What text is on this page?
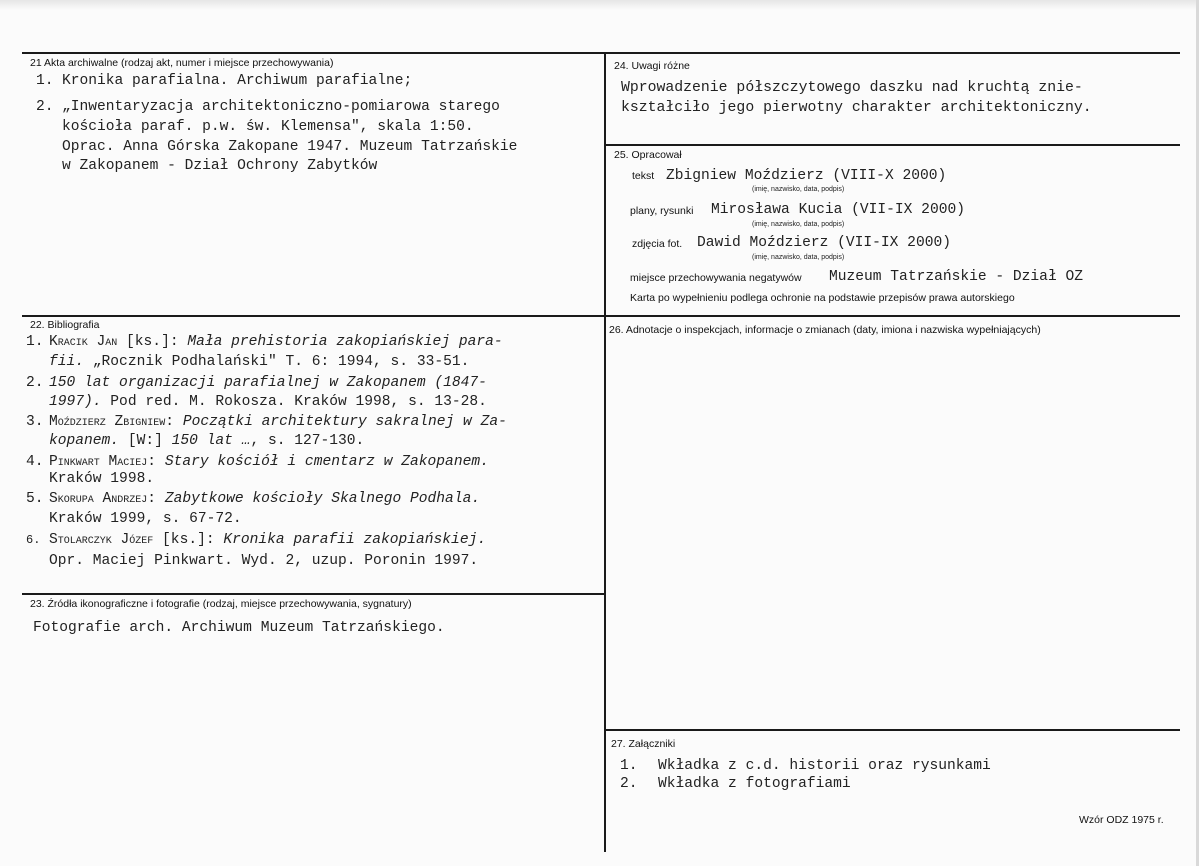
21 Akta archiwalne (rodzaj akt, numer i miejsce przechowywania)
1. Kronika parafialna. Archiwum parafialne;
2. „Inwentaryzacja architektoniczno-pomiarowa starego
kościoła paraf. p.w. św. Klemensa", skala 1:50.
Oprac. Anna Górska Zakopane 1947. Muzeum Tatrzańskie
w Zakopanem - Dział Ochrony Zabytków
24. Uwagi różne
Wprowadzenie półszczytowego daszku nad kruchtą znie-
kształciło jego pierwotny charakter architektoniczny.
25. Opracował
tekst Zbigniew Moździerz (VIII-X 2000)
(imię, nazwisko, data, podpis)
plany, rysunki Mirosława Kucia (VII-IX 2000)
(imię, nazwisko, data, podpis)
zdjęcia fot. Dawid Moździerz (VII-IX 2000)
(imię, nazwisko, data, podpis)
miejsce przechowywania negatywów Muzeum Tatrzańskie - Dział OZ
Karta po wypełnieniu podlega ochronie na podstawie przepisów prawa autorskiego
22. Bibliografia
1. Kracik Jan [ks.]: Mała prehistoria zakopiańskiej para-
fii. „Rocznik Podhalański" T. 6: 1994, s. 33-51.
2. 150 lat organizacji parafialnej w Zakopanem (1847-
1997). Pod red. M. Rokosza. Kraków 1998, s. 13-28.
3. Moździerz Zbigniew: Początki architektury sakralnej w Za-
kopanem. [W:] 150 lat …, s. 127-130.
4. Pinkwart Maciej: Stary kościół i cmentarz w Zakopanem.
Kraków 1998.
5. Skorupa Andrzej: Zabytkowe kościoły Skalnego Podhala.
Kraków 1999, s. 67-72.
6. Stolarczyk Józef [ks.]: Kronika parafii zakopiańskiej.
Opr. Maciej Pinkwart. Wyd. 2, uzup. Poronin 1997.
23. Źródła ikonograficzne i fotografie (rodzaj, miejsce przechowywania, sygnatury)
Fotografie arch. Archiwum Muzeum Tatrzańskiego.
26. Adnotacje o inspekcjach, informacje o zmianach (daty, imiona i nazwiska wypełniających)
27. Załączniki
1. Wkładka z c.d. historii oraz rysunkami
2. Wkładka z fotografiami
Wzór ODZ 1975 r.
